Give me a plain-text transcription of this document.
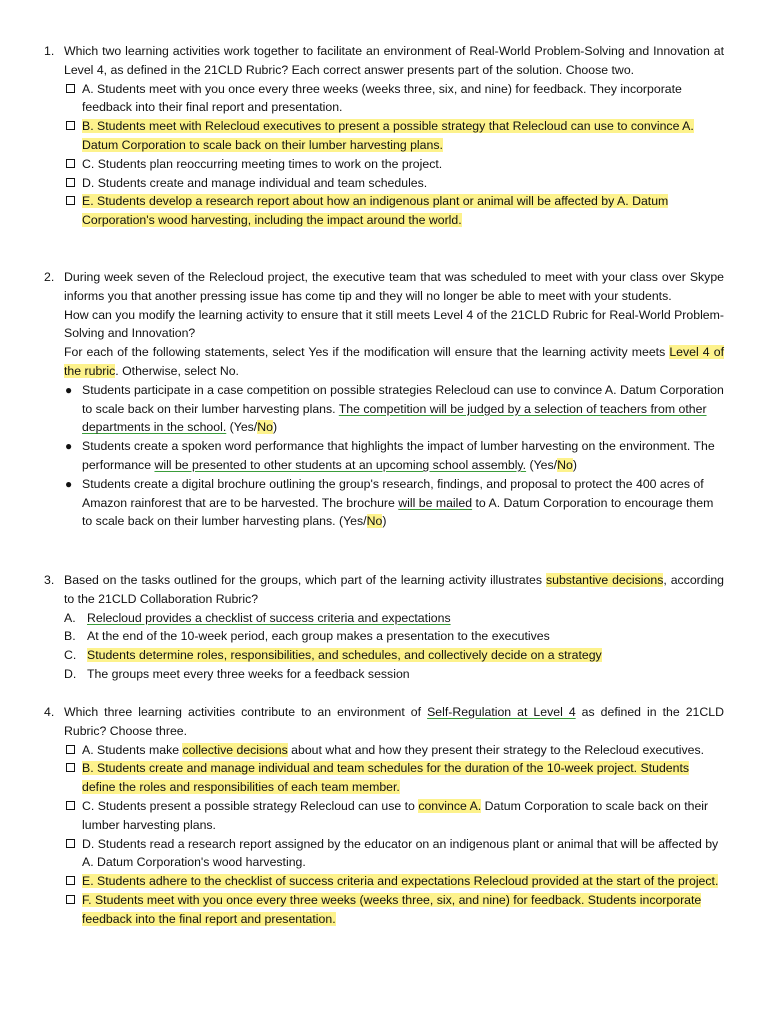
1. Which two learning activities work together to facilitate an environment of Real-World Problem-Solving and Innovation at Level 4, as defined in the 21CLD Rubric? Each correct answer presents part of the solution. Choose two.

A. Students meet with you once every three weeks (weeks three, six, and nine) for feedback. They incorporate feedback into their final report and presentation.
B. Students meet with Relecloud executives to present a possible strategy that Relecloud can use to convince A. Datum Corporation to scale back on their lumber harvesting plans.
C. Students plan reoccurring meeting times to work on the project.
D. Students create and manage individual and team schedules.
E. Students develop a research report about how an indigenous plant or animal will be affected by A. Datum Corporation's wood harvesting, including the impact around the world.
2. During week seven of the Relecloud project, the executive team that was scheduled to meet with your class over Skype informs you that another pressing issue has come tip and they will no longer be able to meet with your students.

How can you modify the learning activity to ensure that it still meets Level 4 of the 21CLD Rubric for Real-World Problem-Solving and Innovation?

For each of the following statements, select Yes if the modification will ensure that the learning activity meets Level 4 of the rubric. Otherwise, select No.

● Students participate in a case competition on possible strategies Relecloud can use to convince A. Datum Corporation to scale back on their lumber harvesting plans. The competition will be judged by a selection of teachers from other departments in the school. (Yes/No)
● Students create a spoken word performance that highlights the impact of lumber harvesting on the environment. The performance will be presented to other students at an upcoming school assembly. (Yes/No)
● Students create a digital brochure outlining the group's research, findings, and proposal to protect the 400 acres of Amazon rainforest that are to be harvested. The brochure will be mailed to A. Datum Corporation to encourage them to scale back on their lumber harvesting plans. (Yes/No)
3. Based on the tasks outlined for the groups, which part of the learning activity illustrates substantive decisions, according to the 21CLD Collaboration Rubric?

A. Relecloud provides a checklist of success criteria and expectations
B. At the end of the 10-week period, each group makes a presentation to the executives
C. Students determine roles, responsibilities, and schedules, and collectively decide on a strategy
D. The groups meet every three weeks for a feedback session
4. Which three learning activities contribute to an environment of Self-Regulation at Level 4 as defined in the 21CLD Rubric? Choose three.

A. Students make collective decisions about what and how they present their strategy to the Relecloud executives.
B. Students create and manage individual and team schedules for the duration of the 10-week project. Students define the roles and responsibilities of each team member.
C. Students present a possible strategy Relecloud can use to convince A. Datum Corporation to scale back on their lumber harvesting plans.
D. Students read a research report assigned by the educator on an indigenous plant or animal that will be affected by A. Datum Corporation's wood harvesting.
E. Students adhere to the checklist of success criteria and expectations Relecloud provided at the start of the project.
F. Students meet with you once every three weeks (weeks three, six, and nine) for feedback. Students incorporate feedback into the final report and presentation.
